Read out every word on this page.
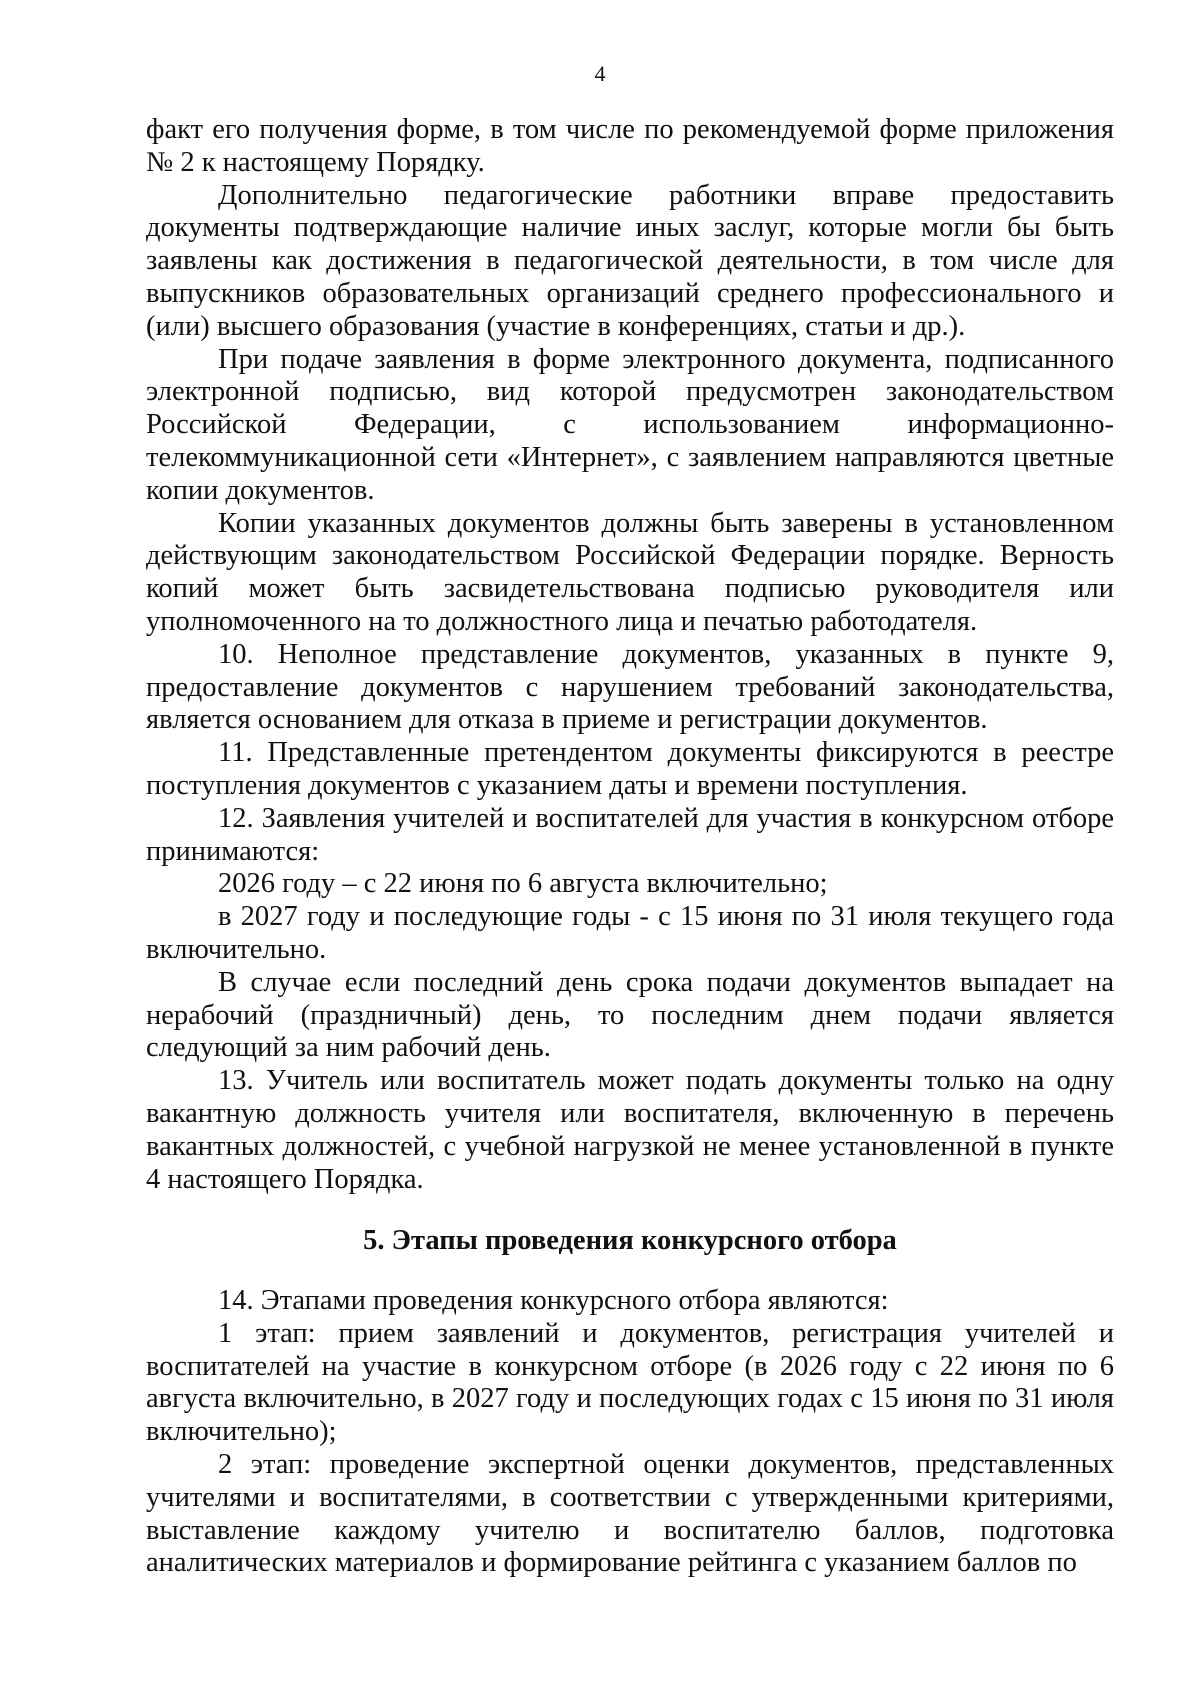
4

факт его получения форме, в том числе по рекомендуемой форме приложения № 2 к настоящему Порядку.

Дополнительно педагогические работники вправе предоставить документы подтверждающие наличие иных заслуг, которые могли бы быть заявлены как достижения в педагогической деятельности, в том числе для выпускников образовательных организаций среднего профессионального и (или) высшего образования (участие в конференциях, статьи и др.).

При подаче заявления в форме электронного документа, подписанного электронной подписью, вид которой предусмотрен законодательством Российской Федерации, с использованием информационно-телекоммуникационной сети «Интернет», с заявлением направляются цветные копии документов.

Копии указанных документов должны быть заверены в установленном действующим законодательством Российской Федерации порядке. Верность копий может быть засвидетельствована подписью руководителя или уполномоченного на то должностного лица и печатью работодателя.

10. Неполное представление документов, указанных в пункте 9, предоставление документов с нарушением требований законодательства, является основанием для отказа в приеме и регистрации документов.

11. Представленные претендентом документы фиксируются в реестре поступления документов с указанием даты и времени поступления.

12. Заявления учителей и воспитателей для участия в конкурсном отборе принимаются:

2026 году – с 22 июня по 6 августа включительно;

в 2027 году и последующие годы - с 15 июня по 31 июля текущего года включительно.

В случае если последний день срока подачи документов выпадает на нерабочий (праздничный) день, то последним днем подачи является следующий за ним рабочий день.

13. Учитель или воспитатель может подать документы только на одну вакантную должность учителя или воспитателя, включенную в перечень вакантных должностей, с учебной нагрузкой не менее установленной в пункте 4 настоящего Порядка.

5. Этапы проведения конкурсного отбора

14. Этапами проведения конкурсного отбора являются:

1 этап: прием заявлений и документов, регистрация учителей и воспитателей на участие в конкурсном отборе (в 2026 году с 22 июня по 6 августа включительно, в 2027 году и последующих годах с 15 июня по 31 июля включительно);

2 этап: проведение экспертной оценки документов, представленных учителями и воспитателями, в соответствии с утвержденными критериями, выставление каждому учителю и воспитателю баллов, подготовка аналитических материалов и формирование рейтинга с указанием баллов по
